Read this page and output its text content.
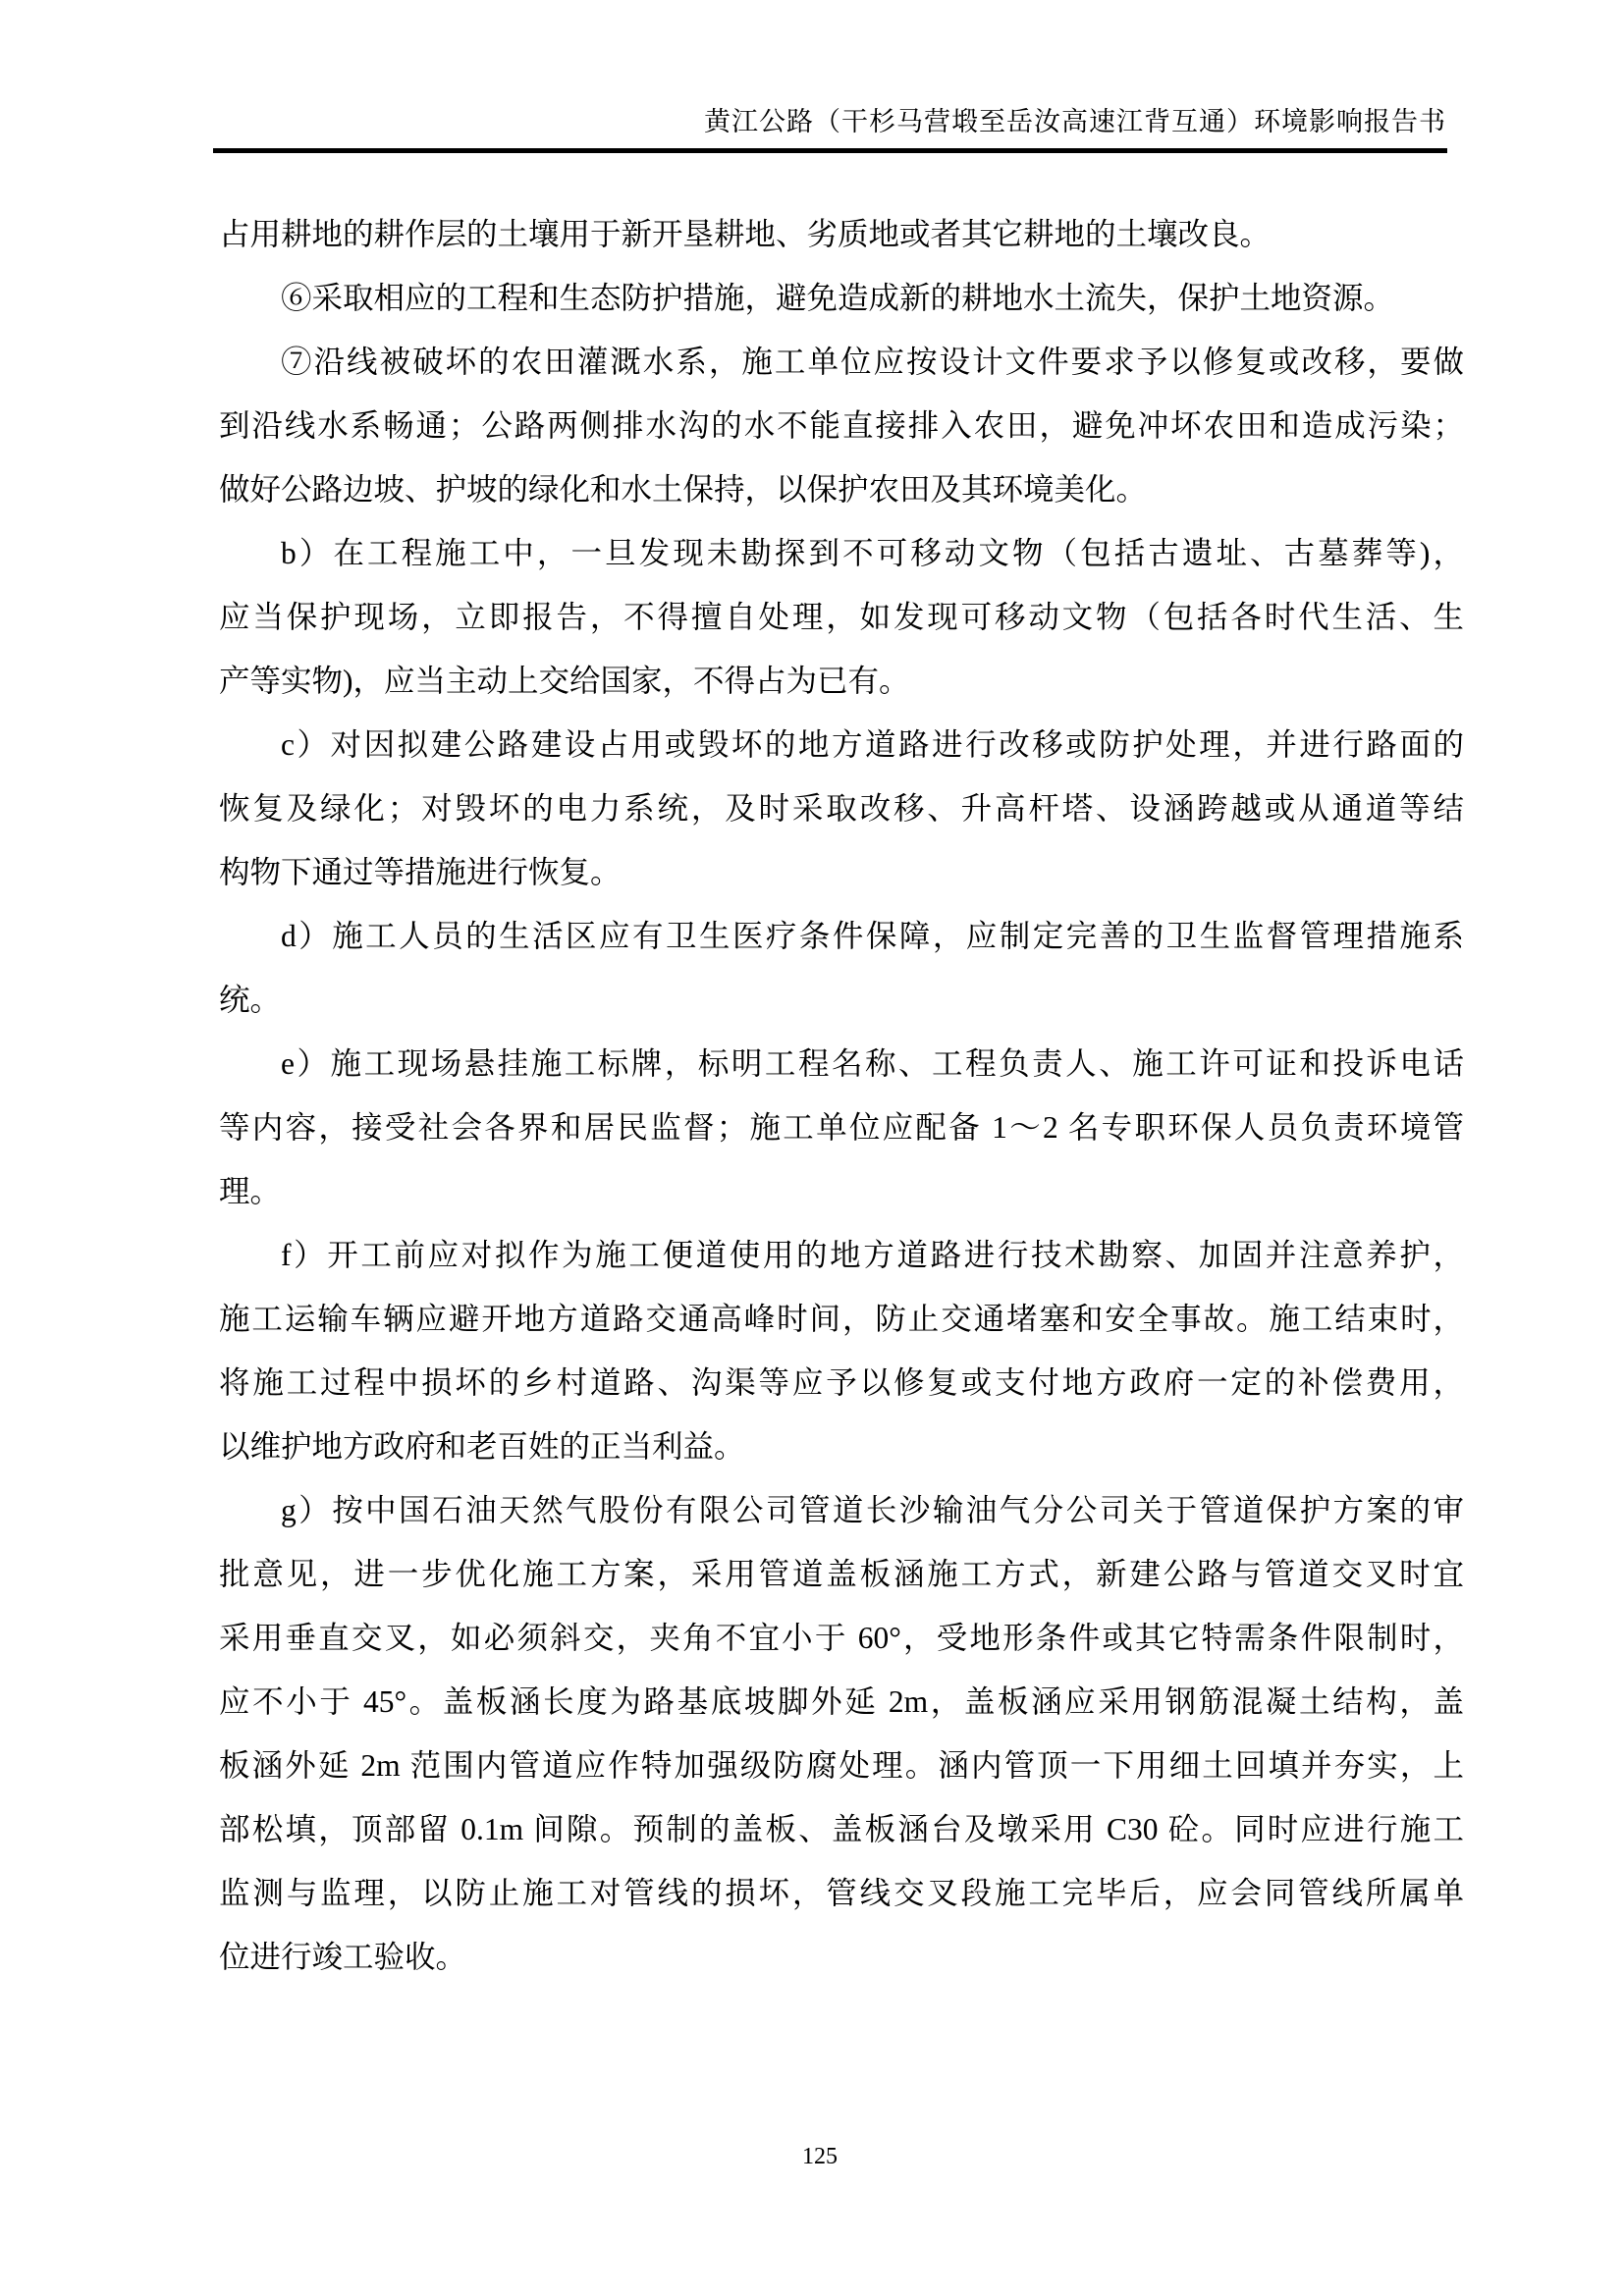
黄江公路（干杉马营塅至岳汝高速江背互通）环境影响报告书
占用耕地的耕作层的土壤用于新开垦耕地、劣质地或者其它耕地的土壤改良。
⑥采取相应的工程和生态防护措施，避免造成新的耕地水土流失，保护土地资源。
⑦沿线被破坏的农田灌溉水系，施工单位应按设计文件要求予以修复或改移，要做
到沿线水系畅通；公路两侧排水沟的水不能直接排入农田，避免冲坏农田和造成污染；
做好公路边坡、护坡的绿化和水土保持，以保护农田及其环境美化。
b）在工程施工中，一旦发现未勘探到不可移动文物（包括古遗址、古墓葬等)，
应当保护现场，立即报告，不得擅自处理，如发现可移动文物（包括各时代生活、生
产等实物)，应当主动上交给国家，不得占为已有。
c）对因拟建公路建设占用或毁坏的地方道路进行改移或防护处理，并进行路面的
恢复及绿化；对毁坏的电力系统，及时采取改移、升高杆塔、设涵跨越或从通道等结
构物下通过等措施进行恢复。
d）施工人员的生活区应有卫生医疗条件保障，应制定完善的卫生监督管理措施系
统。
e）施工现场悬挂施工标牌，标明工程名称、工程负责人、施工许可证和投诉电话
等内容，接受社会各界和居民监督；施工单位应配备 1～2 名专职环保人员负责环境管
理。
f）开工前应对拟作为施工便道使用的地方道路进行技术勘察、加固并注意养护，
施工运输车辆应避开地方道路交通高峰时间，防止交通堵塞和安全事故。施工结束时，
将施工过程中损坏的乡村道路、沟渠等应予以修复或支付地方政府一定的补偿费用，
以维护地方政府和老百姓的正当利益。
g）按中国石油天然气股份有限公司管道长沙输油气分公司关于管道保护方案的审
批意见，进一步优化施工方案，采用管道盖板涵施工方式，新建公路与管道交叉时宜
采用垂直交叉，如必须斜交，夹角不宜小于 60°，受地形条件或其它特需条件限制时，
应不小于 45°。盖板涵长度为路基底坡脚外延 2m，盖板涵应采用钢筋混凝土结构，盖
板涵外延 2m 范围内管道应作特加强级防腐处理。涵内管顶一下用细土回填并夯实，上
部松填，顶部留 0.1m 间隙。预制的盖板、盖板涵台及墩采用 C30 砼。同时应进行施工
监测与监理，以防止施工对管线的损坏，管线交叉段施工完毕后，应会同管线所属单
位进行竣工验收。
125
